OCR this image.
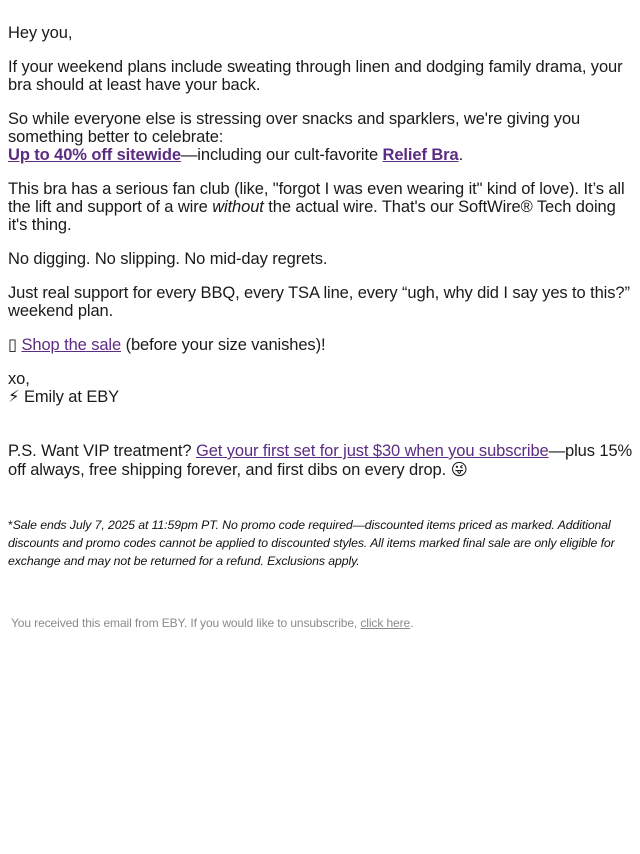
Hey you,

If your weekend plans include sweating through linen and dodging family drama, your bra should at least have your back.

So while everyone else is stressing over snacks and sparklers, we're giving you something better to celebrate:
Up to 40% off sitewide—including our cult-favorite Relief Bra.

This bra has a serious fan club (like, "forgot I was even wearing it" kind of love). It’s all the lift and support of a wire without the actual wire. That's our SoftWire® Tech doing it's thing.

No digging. No slipping. No mid-day regrets.

Just real support for every BBQ, every TSA line, every “ugh, why did I say yes to this?” weekend plan.

▯ Shop the sale (before your size vanishes)!

xo,
⚡ Emily at EBY

P.S. Want VIP treatment? Get your first set for just $30 when you subscribe—plus 15% off always, free shipping forever, and first dibs on every drop. 😜

*Sale ends July 7, 2025 at 11:59pm PT. No promo code required—discounted items priced as marked. Additional discounts and promo codes cannot be applied to discounted styles. All items marked final sale are only eligible for exchange and may not be returned for a refund. Exclusions apply.

You received this email from EBY. If you would like to unsubscribe, click here.
